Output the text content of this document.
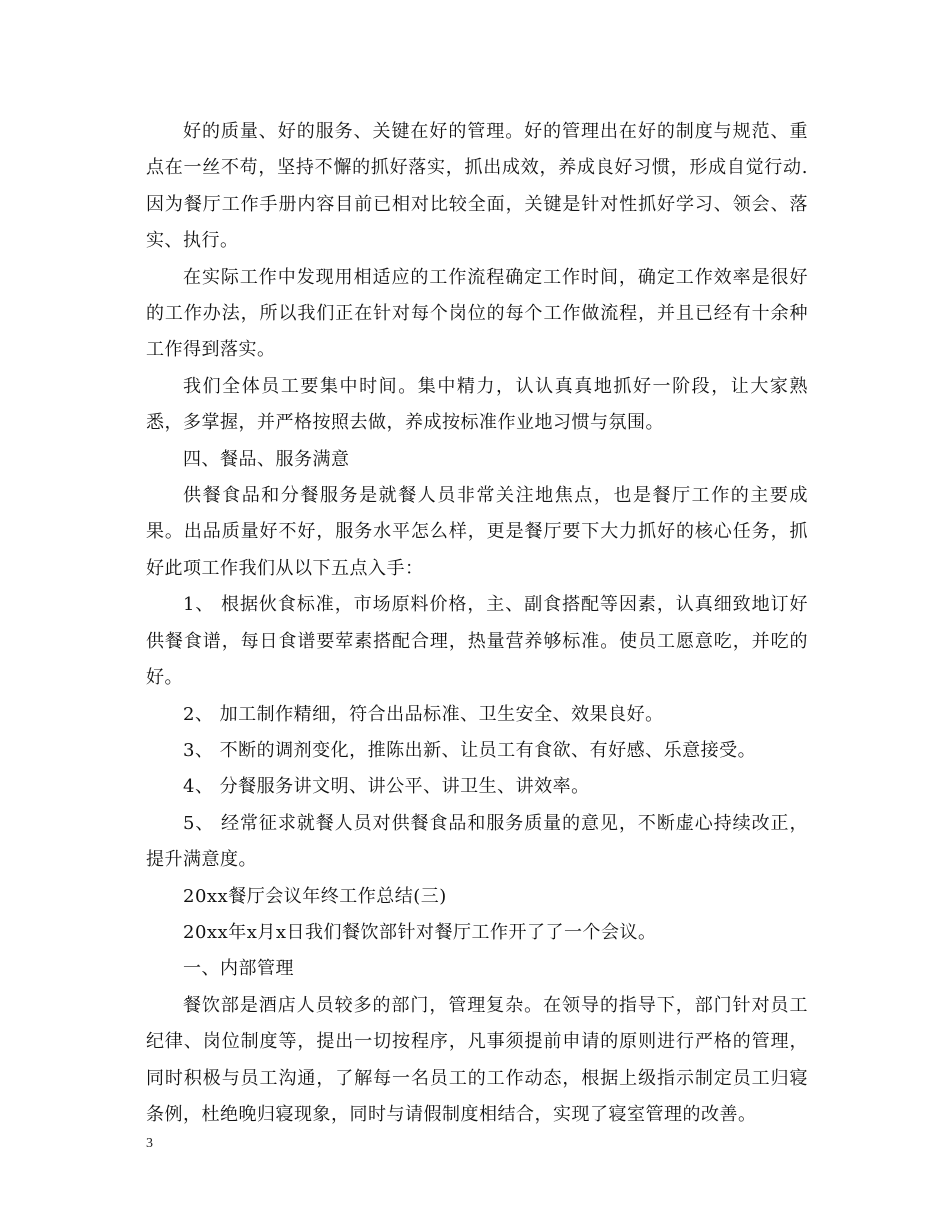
好的质量、好的服务、关键在好的管理。好的管理出在好的制度与规范、重点在一丝不苟，坚持不懈的抓好落实，抓出成效，养成良好习惯，形成自觉行动.因为餐厅工作手册内容目前已相对比较全面，关键是针对性抓好学习、领会、落实、执行。

在实际工作中发现用相适应的工作流程确定工作时间，确定工作效率是很好的工作办法，所以我们正在针对每个岗位的每个工作做流程，并且已经有十余种工作得到落实。

我们全体员工要集中时间。集中精力，认认真真地抓好一阶段，让大家熟悉，多掌握，并严格按照去做，养成按标准作业地习惯与氛围。

四、餐品、服务满意

供餐食品和分餐服务是就餐人员非常关注地焦点，也是餐厅工作的主要成果。出品质量好不好，服务水平怎么样，更是餐厅要下大力抓好的核心任务，抓好此项工作我们从以下五点入手：

1、 根据伙食标准，市场原料价格，主、副食搭配等因素，认真细致地订好供餐食谱，每日食谱要荤素搭配合理，热量营养够标准。使员工愿意吃，并吃的好。

2、 加工制作精细，符合出品标准、卫生安全、效果良好。

3、 不断的调剂变化，推陈出新、让员工有食欲、有好感、乐意接受。

4、 分餐服务讲文明、讲公平、讲卫生、讲效率。

5、 经常征求就餐人员对供餐食品和服务质量的意见，不断虚心持续改正，提升满意度。

20xx餐厅会议年终工作总结(三)

20xx年x月x日我们餐饮部针对餐厅工作开了了一个会议。

一、内部管理

餐饮部是酒店人员较多的部门，管理复杂。在领导的指导下，部门针对员工纪律、岗位制度等，提出一切按程序，凡事须提前申请的原则进行严格的管理，同时积极与员工沟通，了解每一名员工的工作动态，根据上级指示制定员工归寝条例，杜绝晚归寝现象，同时与请假制度相结合，实现了寝室管理的改善。

3
